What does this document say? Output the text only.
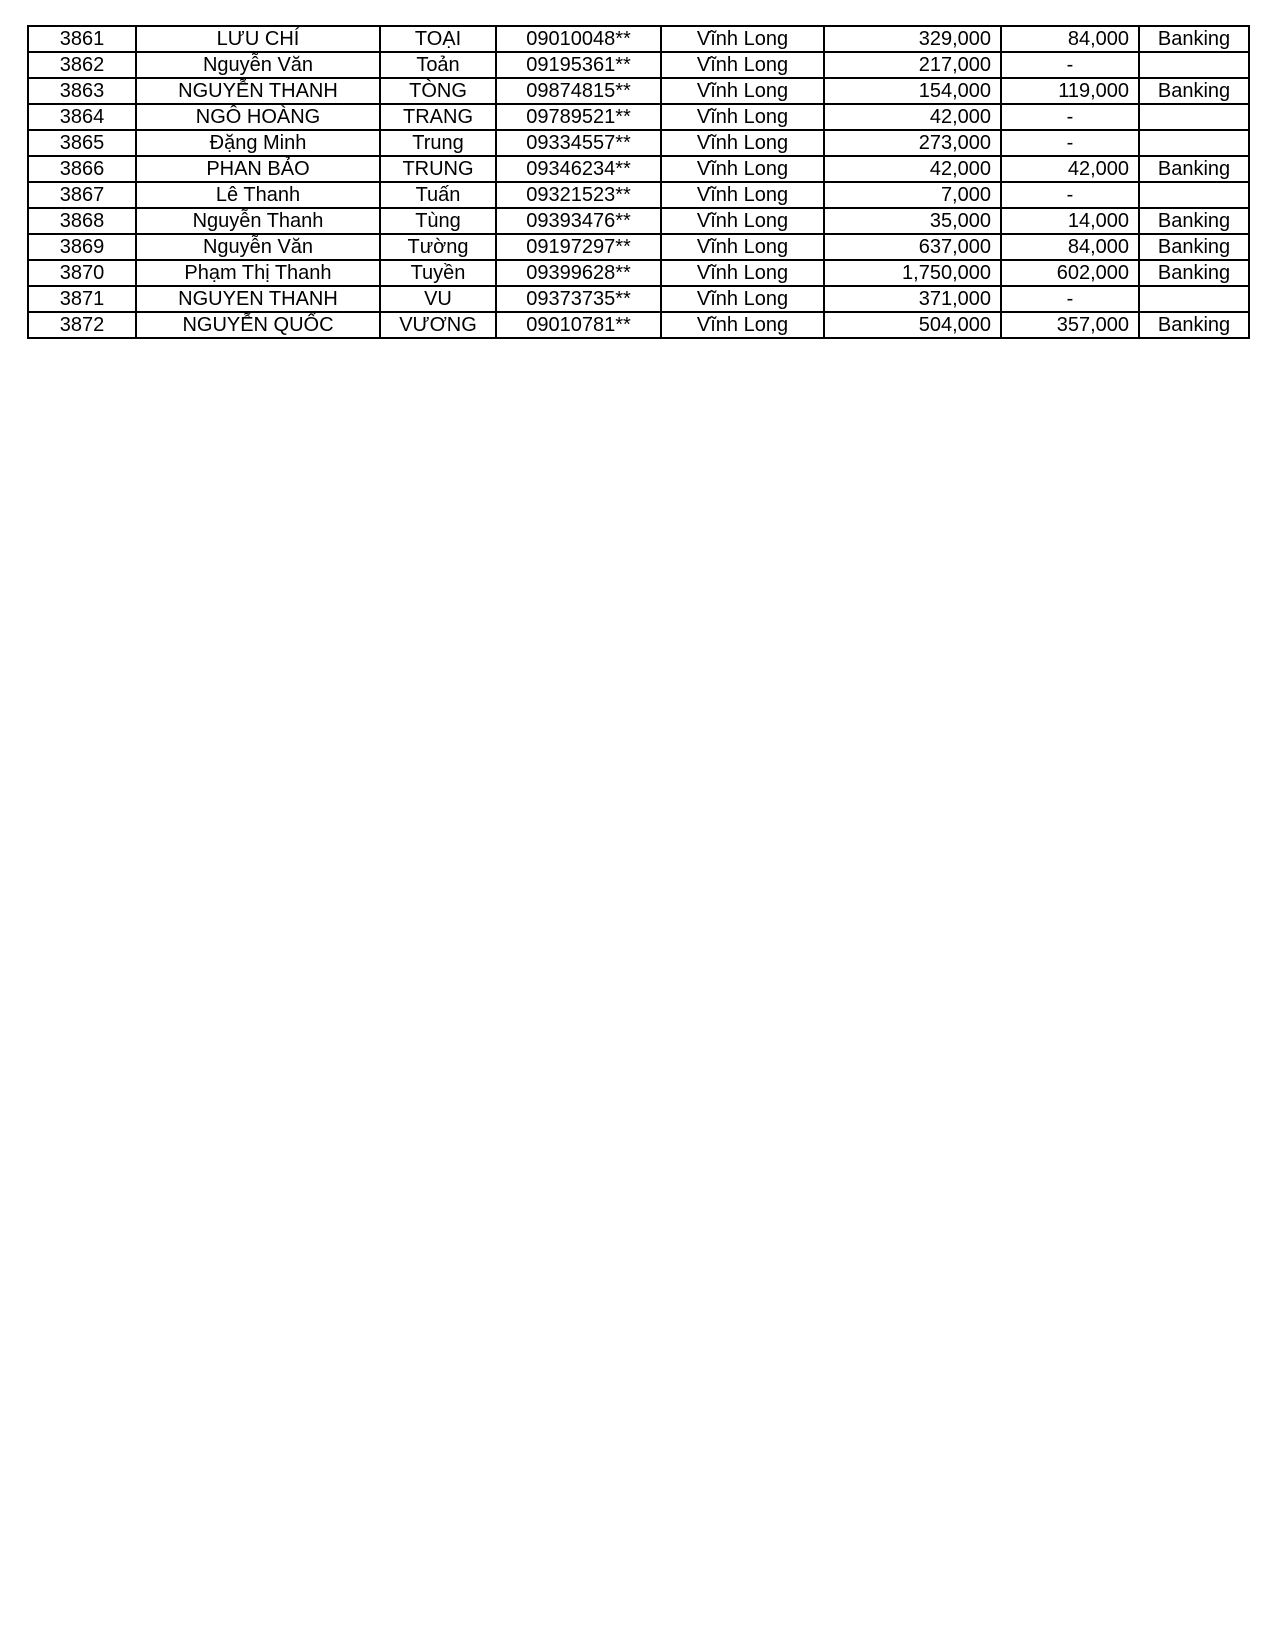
3861	LƯU CHÍ	TOẠI	09010048**	Vĩnh Long	329,000	84,000	Banking
3862	Nguyễn Văn	Toản	09195361**	Vĩnh Long	217,000	-	
3863	NGUYỄN THANH	TÒNG	09874815**	Vĩnh Long	154,000	119,000	Banking
3864	NGÔ HOÀNG	TRANG	09789521**	Vĩnh Long	42,000	-	
3865	Đặng Minh	Trung	09334557**	Vĩnh Long	273,000	-	
3866	PHAN BẢO	TRUNG	09346234**	Vĩnh Long	42,000	42,000	Banking
3867	Lê Thanh	Tuấn	09321523**	Vĩnh Long	7,000	-	
3868	Nguyễn Thanh	Tùng	09393476**	Vĩnh Long	35,000	14,000	Banking
3869	Nguyễn Văn	Tường	09197297**	Vĩnh Long	637,000	84,000	Banking
3870	Phạm Thị Thanh	Tuyền	09399628**	Vĩnh Long	1,750,000	602,000	Banking
3871	NGUYEN THANH	VU	09373735**	Vĩnh Long	371,000	-	
3872	NGUYỄN QUỐC	VƯƠNG	09010781**	Vĩnh Long	504,000	357,000	Banking
